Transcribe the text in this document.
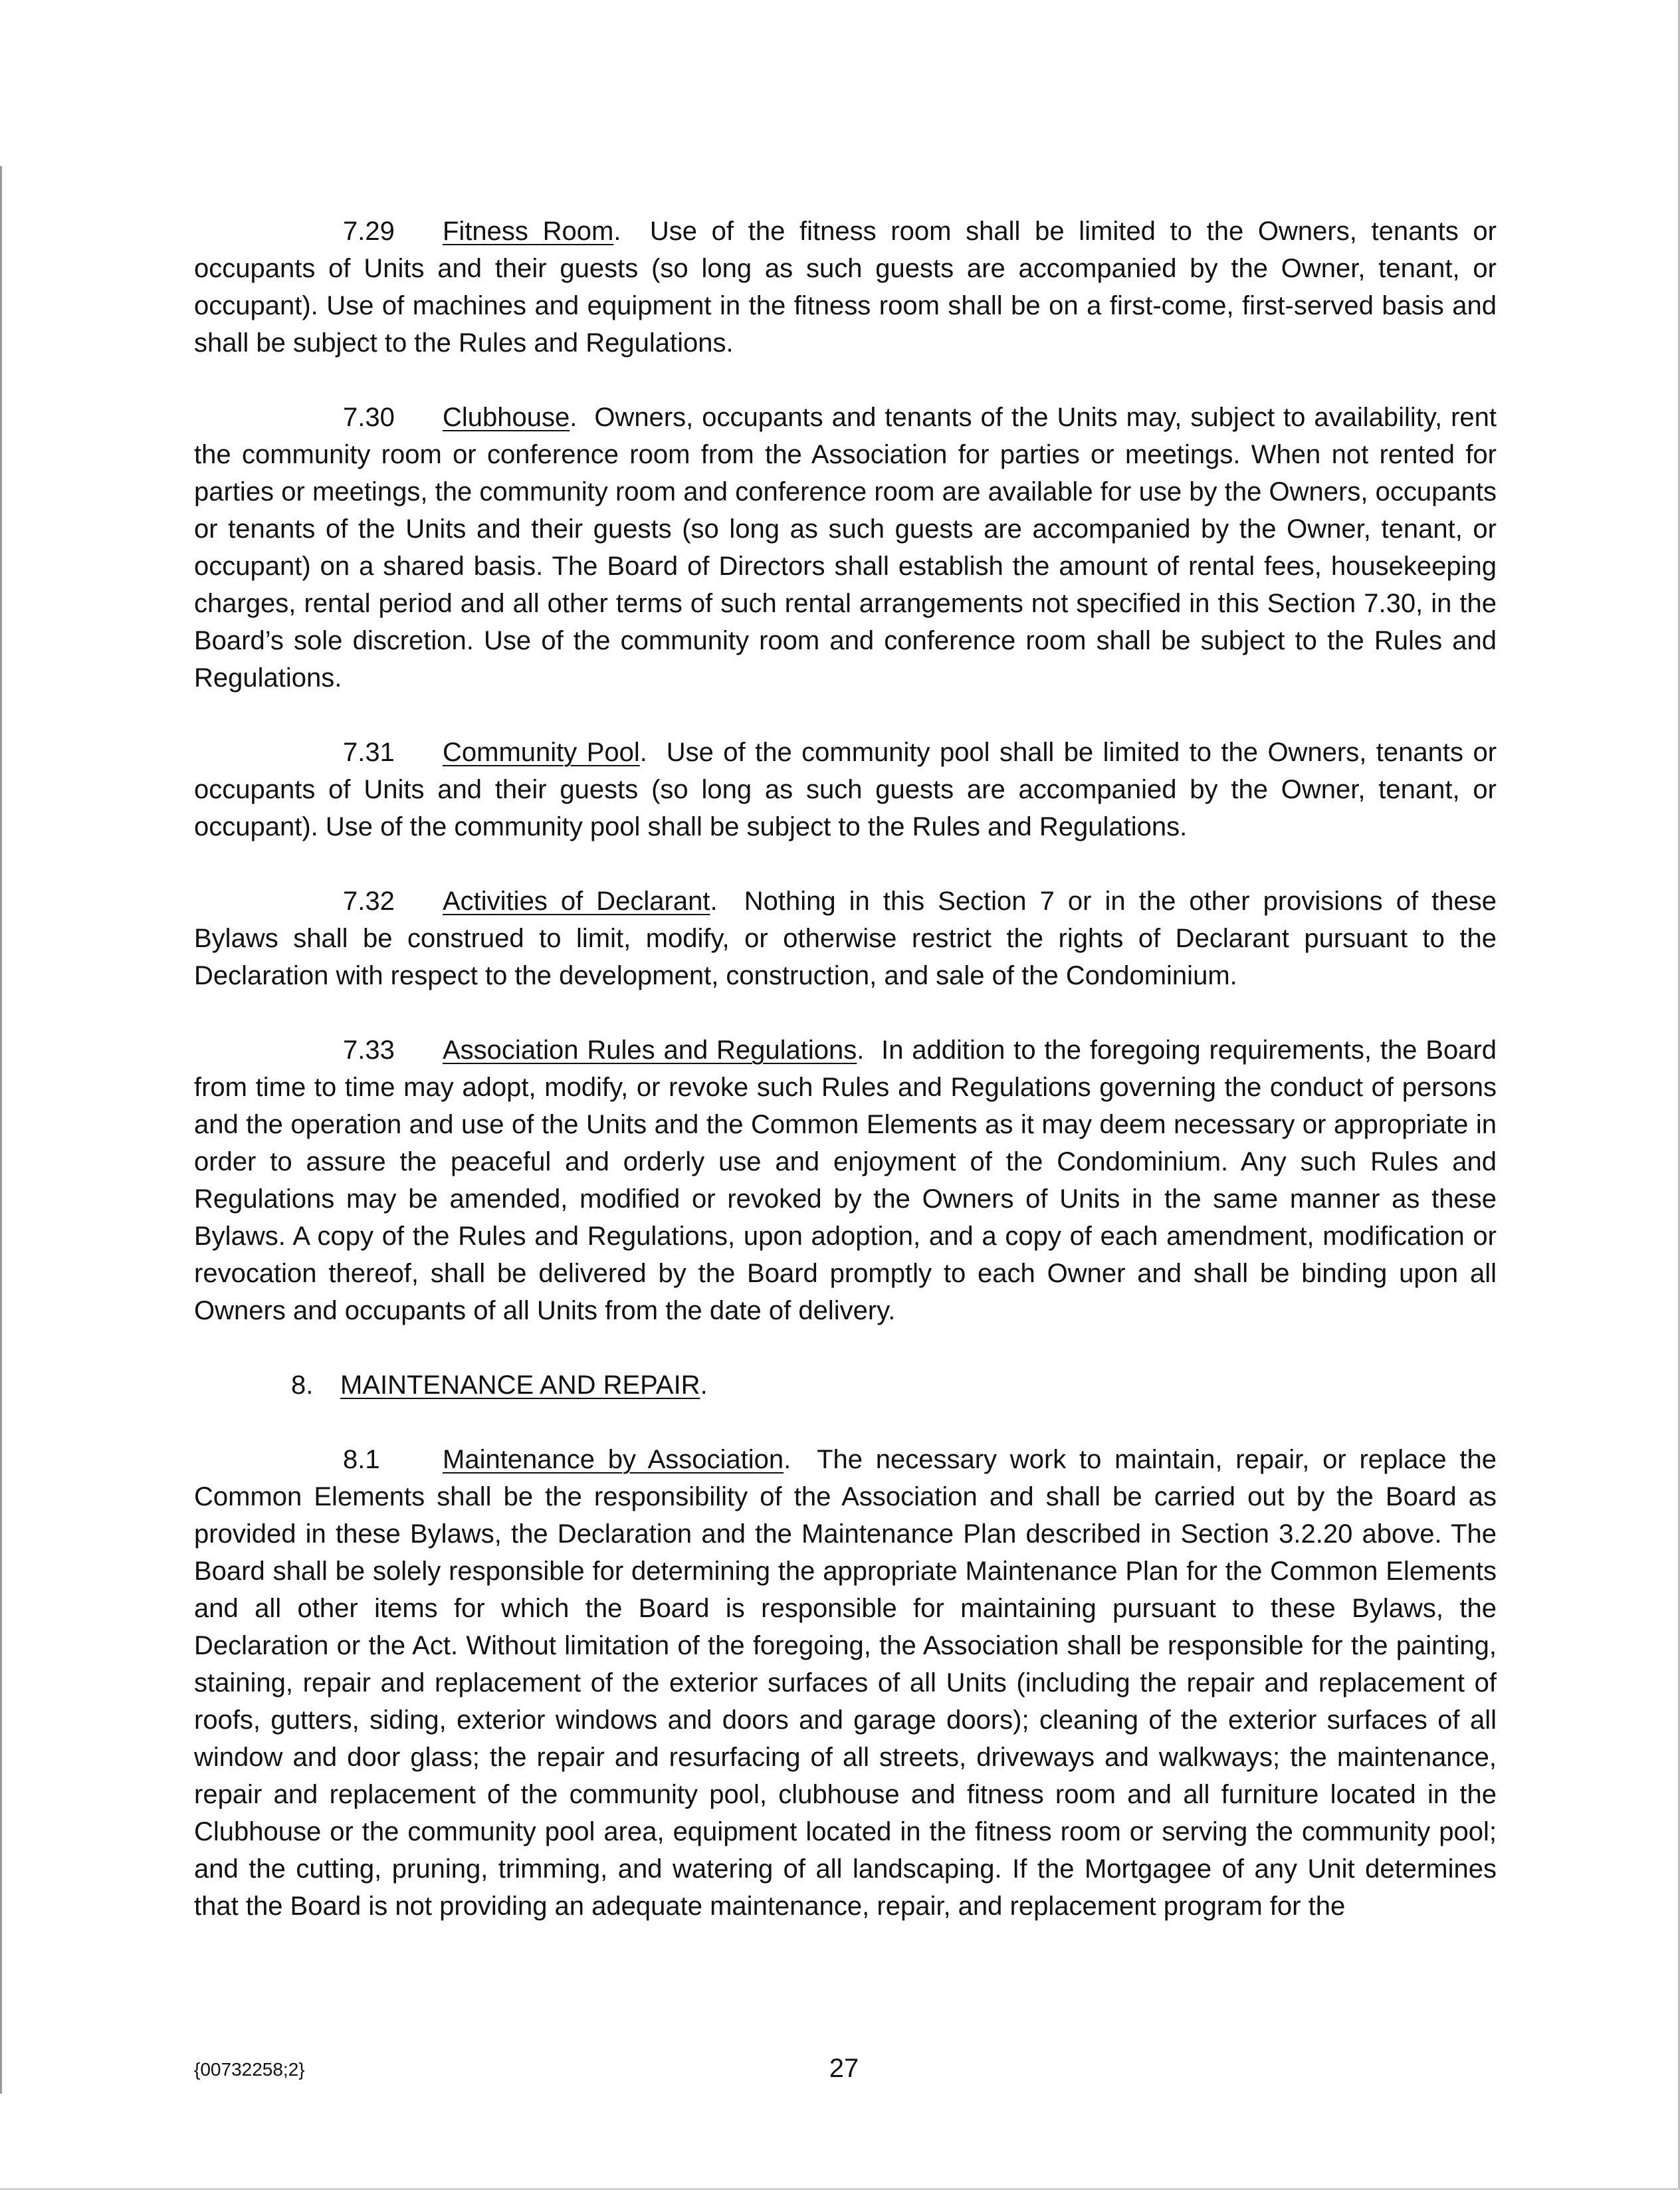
7.29 Fitness Room.  Use of the fitness room shall be limited to the Owners, tenants or occupants of Units and their guests (so long as such guests are accompanied by the Owner, tenant, or occupant). Use of machines and equipment in the fitness room shall be on a first-come, first-served basis and shall be subject to the Rules and Regulations.

7.30 Clubhouse.  Owners, occupants and tenants of the Units may, subject to availability, rent the community room or conference room from the Association for parties or meetings. When not rented for parties or meetings, the community room and conference room are available for use by the Owners, occupants or tenants of the Units and their guests (so long as such guests are accompanied by the Owner, tenant, or occupant) on a shared basis. The Board of Directors shall establish the amount of rental fees, housekeeping charges, rental period and all other terms of such rental arrangements not specified in this Section 7.30, in the Board’s sole discretion. Use of the community room and conference room shall be subject to the Rules and Regulations.

7.31 Community Pool.  Use of the community pool shall be limited to the Owners, tenants or occupants of Units and their guests (so long as such guests are accompanied by the Owner, tenant, or occupant). Use of the community pool shall be subject to the Rules and Regulations.

7.32 Activities of Declarant.  Nothing in this Section 7 or in the other provisions of these Bylaws shall be construed to limit, modify, or otherwise restrict the rights of Declarant pursuant to the Declaration with respect to the development, construction, and sale of the Condominium.

7.33 Association Rules and Regulations.  In addition to the foregoing requirements, the Board from time to time may adopt, modify, or revoke such Rules and Regulations governing the conduct of persons and the operation and use of the Units and the Common Elements as it may deem necessary or appropriate in order to assure the peaceful and orderly use and enjoyment of the Condominium. Any such Rules and Regulations may be amended, modified or revoked by the Owners of Units in the same manner as these Bylaws. A copy of the Rules and Regulations, upon adoption, and a copy of each amendment, modification or revocation thereof, shall be delivered by the Board promptly to each Owner and shall be binding upon all Owners and occupants of all Units from the date of delivery.

8. MAINTENANCE AND REPAIR.

8.1 Maintenance by Association.  The necessary work to maintain, repair, or replace the Common Elements shall be the responsibility of the Association and shall be carried out by the Board as provided in these Bylaws, the Declaration and the Maintenance Plan described in Section 3.2.20 above. The Board shall be solely responsible for determining the appropriate Maintenance Plan for the Common Elements and all other items for which the Board is responsible for maintaining pursuant to these Bylaws, the Declaration or the Act. Without limitation of the foregoing, the Association shall be responsible for the painting, staining, repair and replacement of the exterior surfaces of all Units (including the repair and replacement of roofs, gutters, siding, exterior windows and doors and garage doors); cleaning of the exterior surfaces of all window and door glass; the repair and resurfacing of all streets, driveways and walkways; the maintenance, repair and replacement of the community pool, clubhouse and fitness room and all furniture located in the Clubhouse or the community pool area, equipment located in the fitness room or serving the community pool; and the cutting, pruning, trimming, and watering of all landscaping. If the Mortgagee of any Unit determines that the Board is not providing an adequate maintenance, repair, and replacement program for the

{00732258;2}	27
